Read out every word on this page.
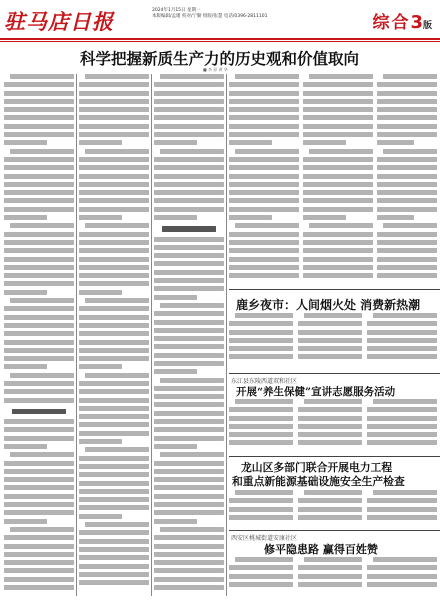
驻马店日报	2024年1月15日 星期一
本版编辑/孟瑾 校对/宁勤 组版/张慧 电话/0396-2811101	综合3版
科学把握新质生产力的历史观和价值取向
■ 李 原 黄 华
鹿乡夜市：人间烟火处 消费新热潮
东江县东陵西道双和社区
开展“养生保健”宣讲志愿服务活动
龙山区多部门联合开展电力工程
和重点新能源基础设施安全生产检查
西安区桃城街道安康社区
修平隐患路 赢得百姓赞
